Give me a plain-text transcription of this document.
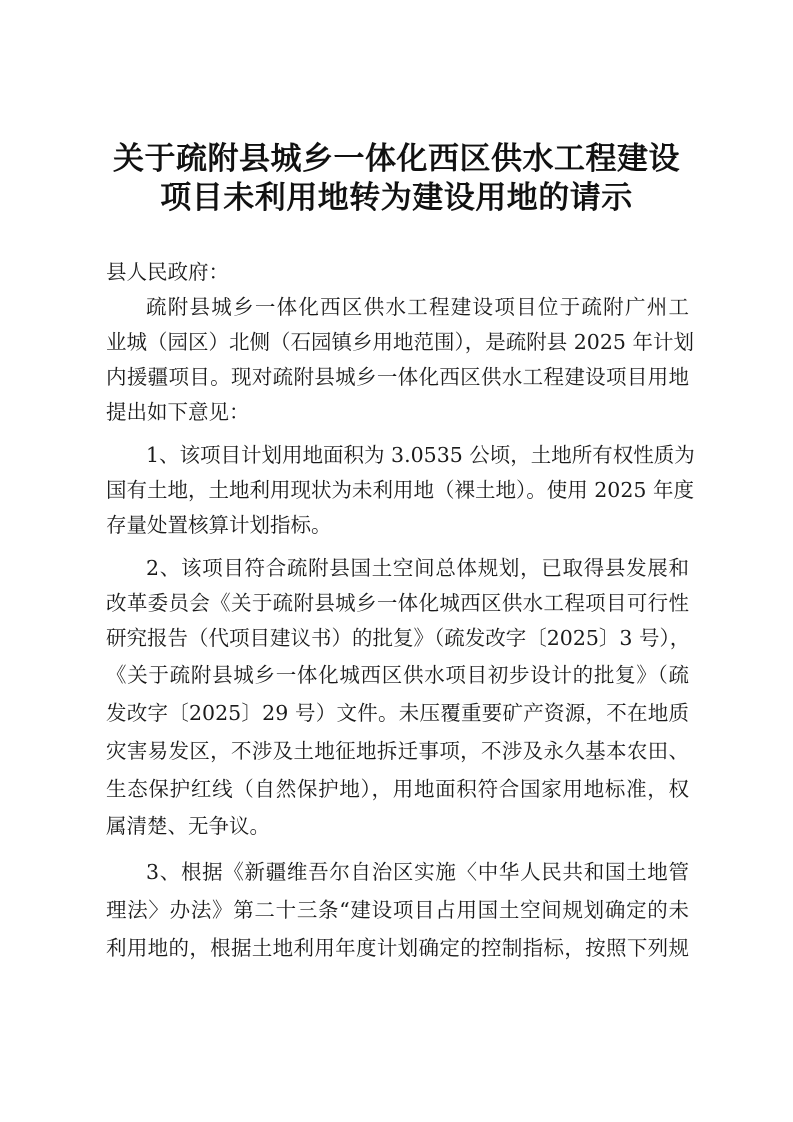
关于疏附县城乡一体化西区供水工程建设
项目未利用地转为建设用地的请示
县人民政府：
疏附县城乡一体化西区供水工程建设项目位于疏附广州工
业城（园区）北侧（石园镇乡用地范围），是疏附县 2025 年计划
内援疆项目。现对疏附县城乡一体化西区供水工程建设项目用地
提出如下意见：
1、该项目计划用地面积为 3.0535 公顷，土地所有权性质为
国有土地，土地利用现状为未利用地（裸土地）。使用 2025 年度
存量处置核算计划指标。
2、该项目符合疏附县国土空间总体规划，已取得县发展和
改革委员会《关于疏附县城乡一体化城西区供水工程项目可行性
研究报告（代项目建议书）的批复》（疏发改字〔2025〕3 号），
《关于疏附县城乡一体化城西区供水项目初步设计的批复》（疏
发改字〔2025〕29 号）文件。未压覆重要矿产资源，不在地质
灾害易发区，不涉及土地征地拆迁事项，不涉及永久基本农田、
生态保护红线（自然保护地），用地面积符合国家用地标准，权
属清楚、无争议。
3、根据《新疆维吾尔自治区实施〈中华人民共和国土地管
理法〉办法》第二十三条“建设项目占用国土空间规划确定的未
利用地的，根据土地利用年度计划确定的控制指标，按照下列规
